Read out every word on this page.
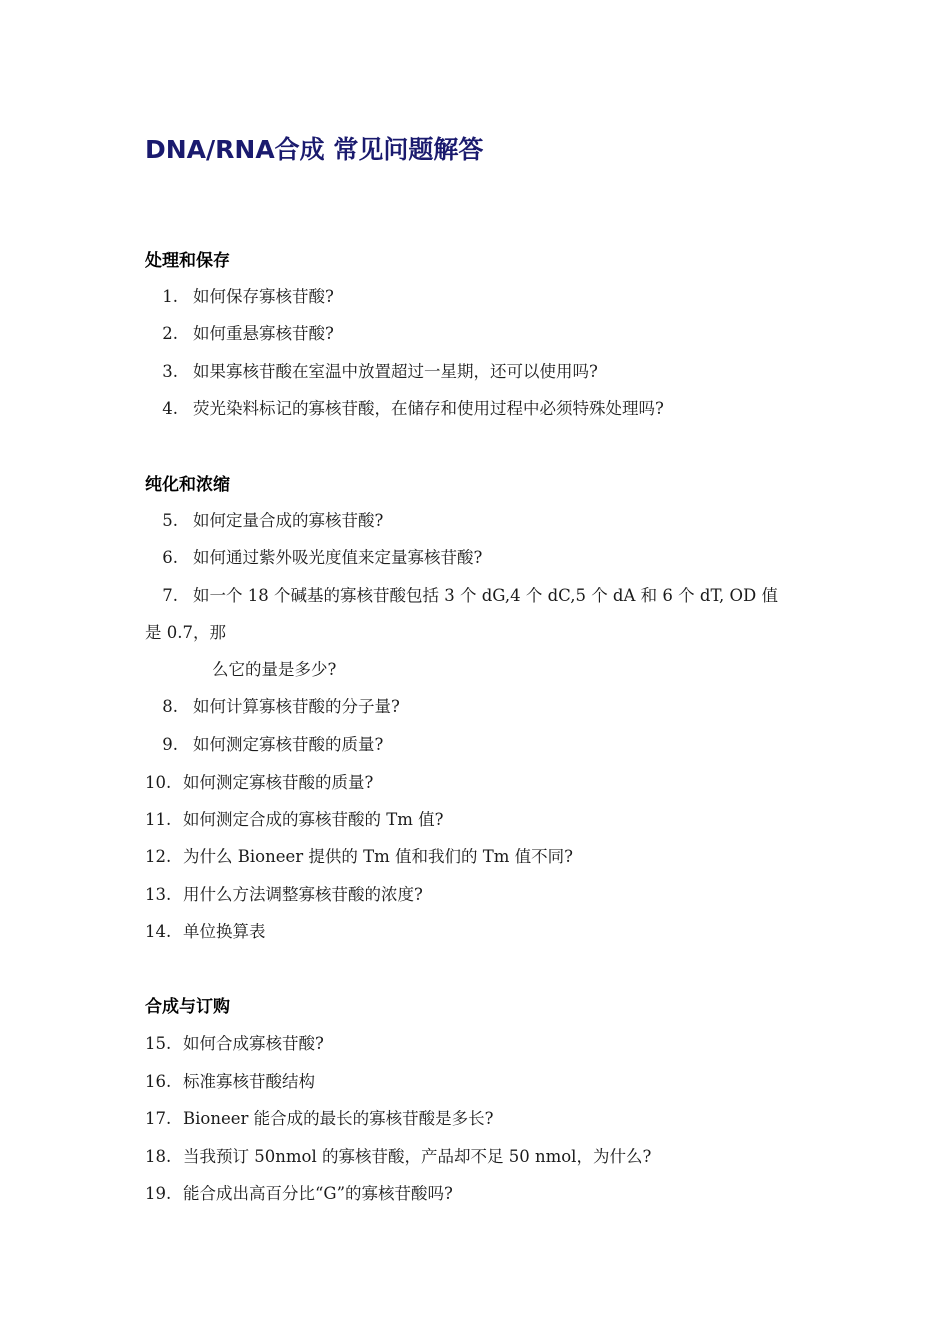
DNA/RNA合成 常见问题解答
处理和保存
1. 如何保存寡核苷酸?
2. 如何重悬寡核苷酸?
3. 如果寡核苷酸在室温中放置超过一星期，还可以使用吗?
4. 荧光染料标记的寡核苷酸，在储存和使用过程中必须特殊处理吗?
纯化和浓缩
5. 如何定量合成的寡核苷酸?
6. 如何通过紫外吸光度值来定量寡核苷酸?
7. 如一个 18 个碱基的寡核苷酸包括 3 个 dG,4 个 dC,5 个 dA 和 6 个 dT, OD 值
是 0.7，那
么它的量是多少?
8. 如何计算寡核苷酸的分子量?
9. 如何测定寡核苷酸的质量?
10. 如何测定寡核苷酸的质量?
11. 如何测定合成的寡核苷酸的 Tm 值?
12. 为什么 Bioneer 提供的 Tm 值和我们的 Tm 值不同?
13. 用什么方法调整寡核苷酸的浓度?
14. 单位换算表
合成与订购
15. 如何合成寡核苷酸?
16. 标准寡核苷酸结构
17. Bioneer 能合成的最长的寡核苷酸是多长?
18. 当我预订 50nmol 的寡核苷酸，产品却不足 50 nmol，为什么?
19. 能合成出高百分比“G”的寡核苷酸吗?
